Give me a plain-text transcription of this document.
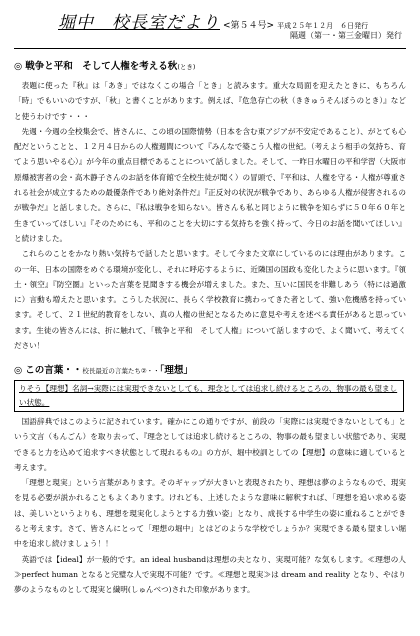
堀中　校長室だより <第５４号> 平成２５年１２月　６日発行
隔週（第一・第三金曜日）発行
◎ 戦争と平和　そして人権を考える秋(とき)

表題に使った『秋』は「あき」ではなくこの場合「とき」と読みます。重大な局面を迎えたときに、もちろん「時」でもいいのですが、「秋」と書くことがあります。例えば、『危急存亡の秋（ききゅうそんぼうのとき）』などと使うわけです・・・

先週・今週の全校集会で、皆さんに、この頃の国際情勢（日本を含む東アジアが不安定であること）、がとても心配だということと、１２月４日からの人権週間について『みんなで築こう人権の世紀。（考えよう相手の気持ち、育てよう思いやる心）』が今年の重点目標であることについて話しました。そして、一昨日水曜日の平和学習（大阪市原爆被害者の会・高木静子さんのお話を体育館で全校生徒が聞く）の冒頭で、『平和は、人権を守る・人権が尊重される社会が成立するための最優条件であり絶対条件だ』『正反対の状況が戦争であり、あらゆる人権が侵害されるのが戦争だ』と話しました。さらに、『私は戦争を知らない。皆さんも私と同じように戦争を知らずに５０年６０年と生きていってほしい』『そのためにも、平和のことを大切にする気持ちを強く持って、今日のお話を聞いてほしい』と続けました。

これらのことをかなり熱い気持ちで話したと思います。そして今また文章にしているのには理由があります。この一年、日本の国際をめぐる環境が変化し、それに呼応するように、近隣国の国政も変化したように思います。『領土・領空』『防空圏』といった言葉を見聞きする機会が増えました。また、互いに国民を非難しあう（特には過激に）言動も増えたと思います。こうした状況に、長らく学校教育に携わってきた者として、強い危機感を持っています。そして、２１世紀的教育をしない、真の人権の世紀となるために意見や考えを述べる責任があると思っています。生徒の皆さんには、折に触れて、「戦争と平和　そして人権」について話しますので、よく聞いて、考えてください！

◎ この言葉・・校長最近の言葉たち②・・「理想」
りそう【理想】名詞→実際には実現できないとしても、理念としては追求し続けるところの、物事の最も望ましい状態。

国語辞典ではこのように記されています。確かにこの通りですが、前段の「実際には実現できないとしても」という文言（もんごん）を取り去って、『理念としては追求し続けるところの、物事の最も望ましい状態であり、実現できると力を込めて追求すべき状態として現れるもの』の方が、堀中校訓としての【理想】の意味に適していると考えます。

「理想と現実」という言葉があります。そのギャップが大きいと表現されたり、理想は夢のようなもので、現実を見る必要が説かれることもよくあります。けれども、上述したような意味に解釈すれば、「理想を追い求める姿は、美しいというよりも、理想を現実化しようとする力強い姿」となり、成長する中学生の姿に重ねることができると考えます。さて、皆さんにとって「理想の堀中」とはどのような学校でしょうか？実現できる最も望ましい堀中を追求し続けましょう！！

英語では【ideal】が一般的です。an ideal husbandは理想の夫となり、実現可能？な気もします。≪理想の人≫perfect human となると完璧な人で実現不可能？です。≪理想と現実≫は dream and reality となり、やはり夢のようなものとして現実と繊明(しゅんべつ)された印象があります。
